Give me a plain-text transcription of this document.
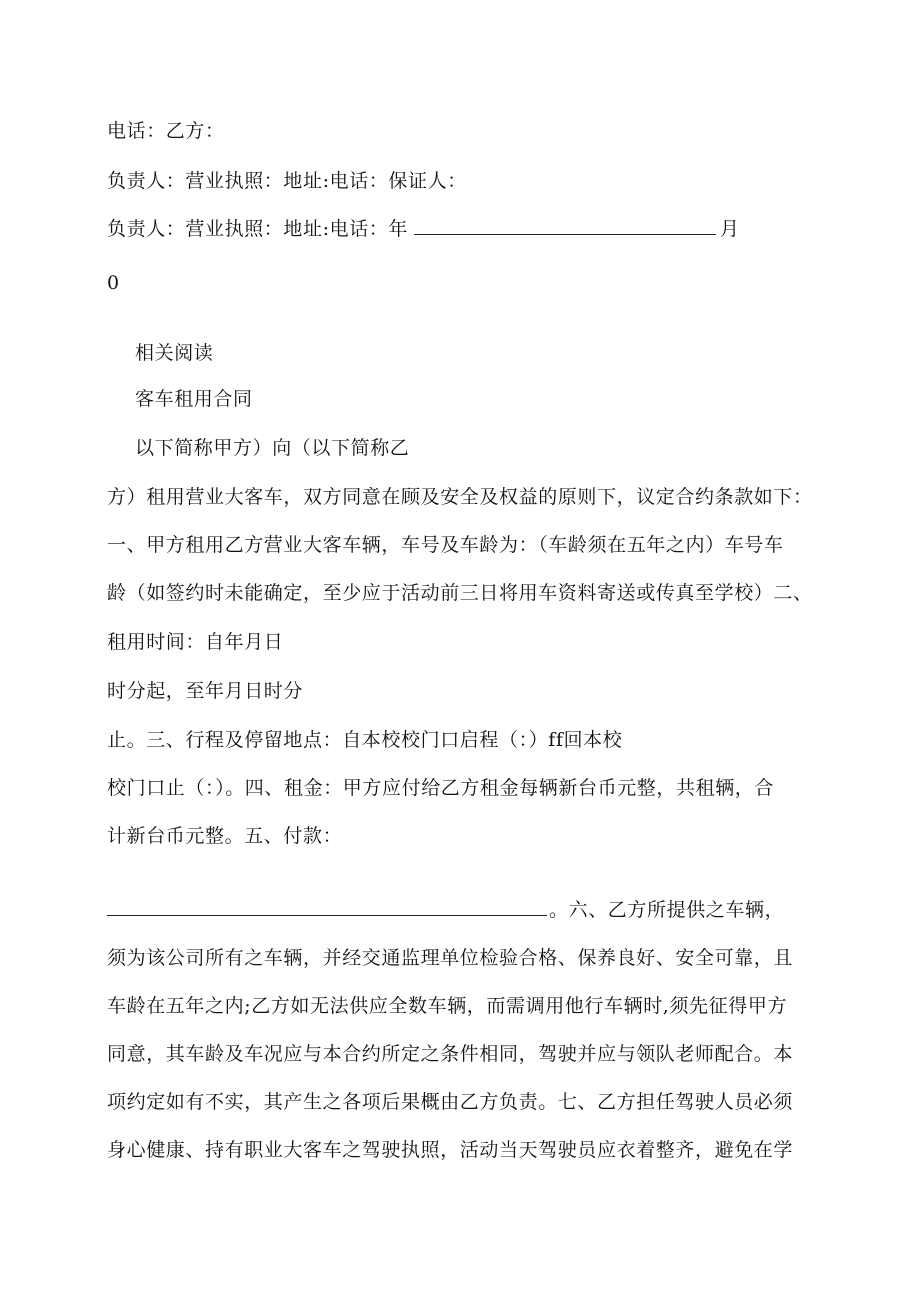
电话：乙方：
负责人：营业执照：地址:电话：保证人：
负责人：营业执照：地址:电话：年	月
0
相关阅读
客车租用合同
以下简称甲方）向（以下简称乙
方）租用营业大客车，双方同意在顾及安全及权益的原则下，议定合约条款如下：
一、甲方租用乙方营业大客车辆，车号及车龄为：（车龄须在五年之内）车号车
龄（如签约时未能确定，至少应于活动前三日将用车资料寄送或传真至学校）二、
租用时间：自年月日
时分起，至年月日时分
止。三、行程及停留地点：自本校校门口启程（：）ff回本校
校门口止（：）。四、租金：甲方应付给乙方租金每辆新台币元整，共租辆，合
计新台币元整。五、付款：
。六、乙方所提供之车辆，
须为该公司所有之车辆，并经交通监理单位检验合格、保养良好、安全可靠，且
车龄在五年之内;乙方如无法供应全数车辆，而需调用他行车辆时,须先征得甲方
同意，其车龄及车况应与本合约所定之条件相同，驾驶并应与领队老师配合。本
项约定如有不实，其产生之各项后果概由乙方负责。七、乙方担任驾驶人员必须
身心健康、持有职业大客车之驾驶执照，活动当天驾驶员应衣着整齐，避免在学
